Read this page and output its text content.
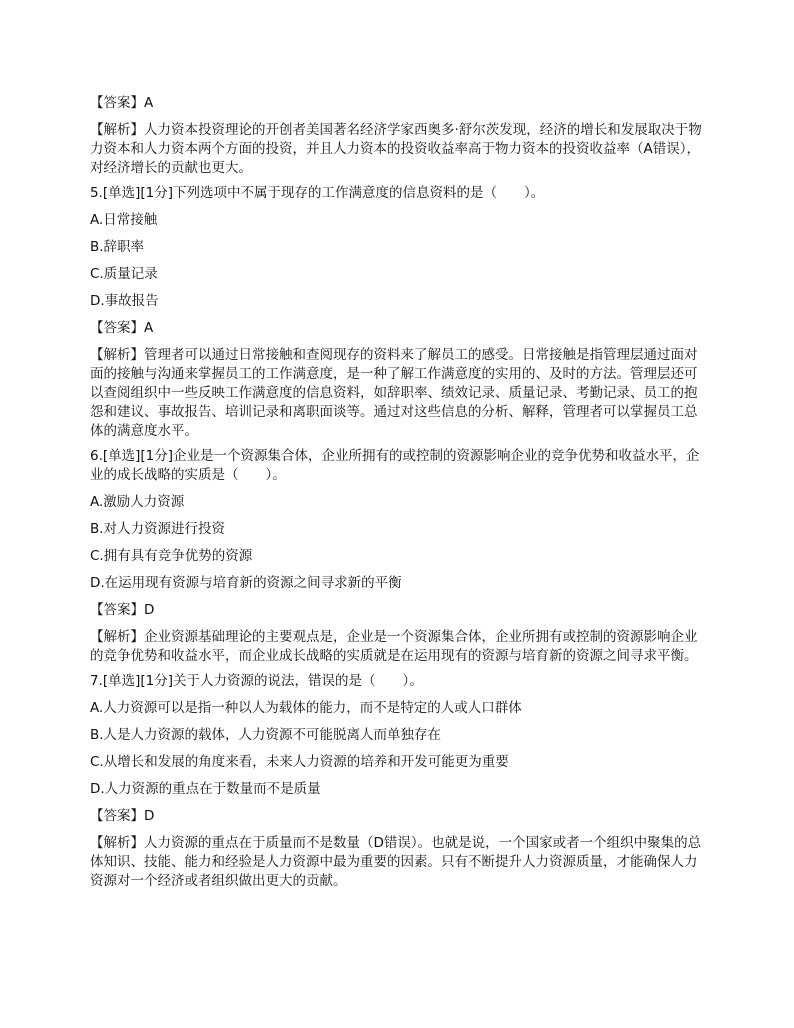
【答案】A
【解析】人力资本投资理论的开创者美国著名经济学家西奥多·舒尔茨发现，经济的增长和发展取决于物力资本和人力资本两个方面的投资，并且人力资本的投资收益率高于物力资本的投资收益率（A错误），对经济增长的贡献也更大。
5.[单选][1分]下列选项中不属于现存的工作满意度的信息资料的是（　　）。
A.日常接触
B.辞职率
C.质量记录
D.事故报告
【答案】A
【解析】管理者可以通过日常接触和查阅现存的资料来了解员工的感受。日常接触是指管理层通过面对面的接触与沟通来掌握员工的工作满意度，是一种了解工作满意度的实用的、及时的方法。管理层还可以查阅组织中一些反映工作满意度的信息资料，如辞职率、绩效记录、质量记录、考勤记录、员工的抱怨和建议、事故报告、培训记录和离职面谈等。通过对这些信息的分析、解释，管理者可以掌握员工总体的满意度水平。
6.[单选][1分]企业是一个资源集合体，企业所拥有的或控制的资源影响企业的竞争优势和收益水平，企业的成长战略的实质是（　　）。
A.激励人力资源
B.对人力资源进行投资
C.拥有具有竞争优势的资源
D.在运用现有资源与培育新的资源之间寻求新的平衡
【答案】D
【解析】企业资源基础理论的主要观点是，企业是一个资源集合体，企业所拥有或控制的资源影响企业的竞争优势和收益水平，而企业成长战略的实质就是在运用现有的资源与培育新的资源之间寻求平衡。
7.[单选][1分]关于人力资源的说法，错误的是（　　）。
A.人力资源可以是指一种以人为载体的能力，而不是特定的人或人口群体
B.人是人力资源的载体，人力资源不可能脱离人而单独存在
C.从增长和发展的角度来看，未来人力资源的培养和开发可能更为重要
D.人力资源的重点在于数量而不是质量
【答案】D
【解析】人力资源的重点在于质量而不是数量（D错误）。也就是说，一个国家或者一个组织中聚集的总体知识、技能、能力和经验是人力资源中最为重要的因素。只有不断提升人力资源质量，才能确保人力资源对一个经济或者组织做出更大的贡献。
